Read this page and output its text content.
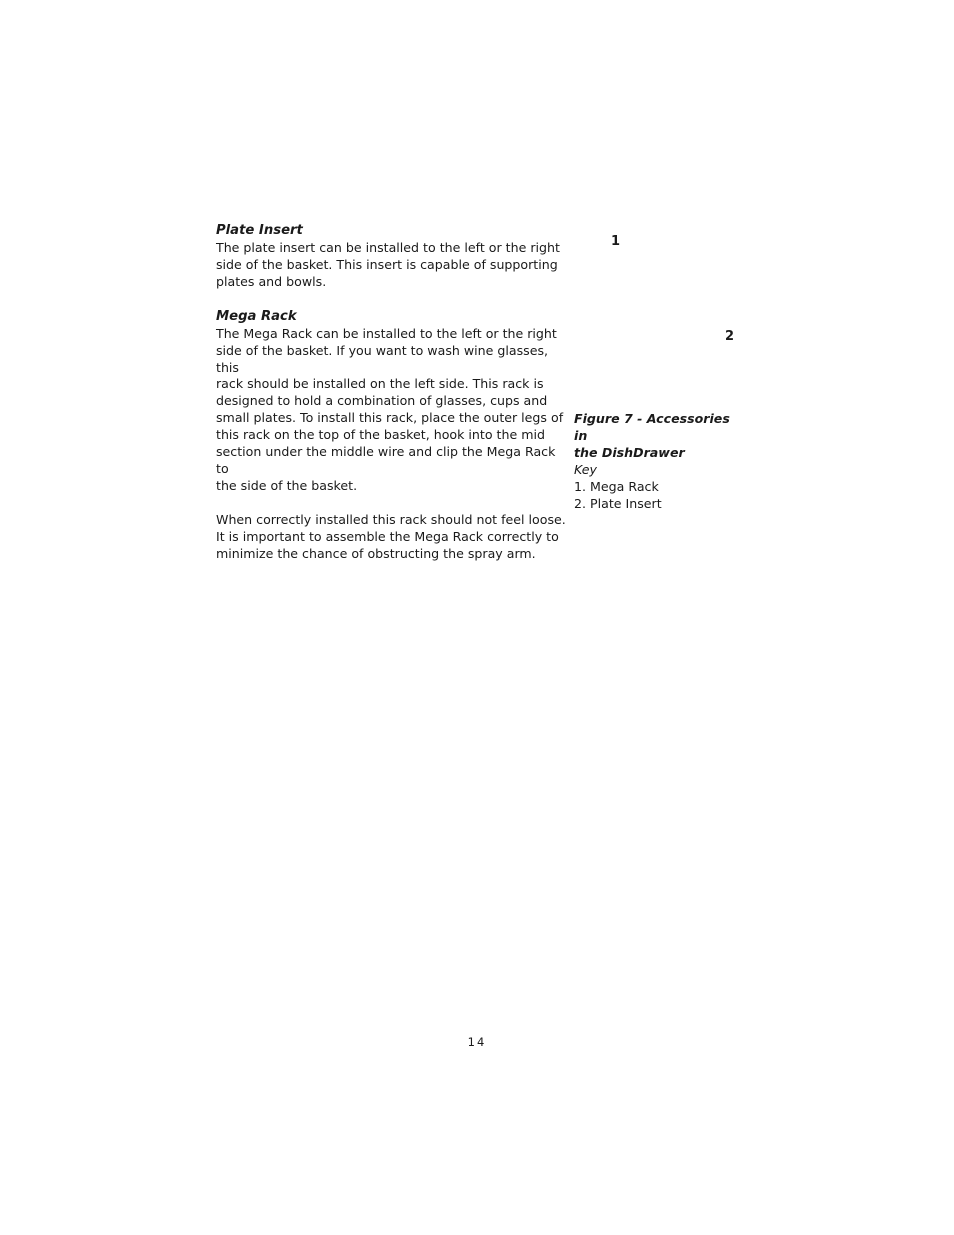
Plate Insert

The plate insert can be installed to the left or the right
side of the basket. This insert is capable of supporting
plates and bowls.

Mega Rack

The Mega Rack can be installed to the left or the right
side of the basket. If you want to wash wine glasses, this
rack should be installed on the left side. This rack is
designed to hold a combination of glasses, cups and
small plates. To install this rack, place the outer legs of
this rack on the top of the basket, hook into the mid
section under the middle wire and clip the Mega Rack to
the side of the basket.

When correctly installed this rack should not feel loose.
It is important to assemble the Mega Rack correctly to
minimize the chance of obstructing the spray arm.

1
2
Figure 7 - Accessories in
the DishDrawer
Key
1. Mega Rack
2. Plate Insert
14
